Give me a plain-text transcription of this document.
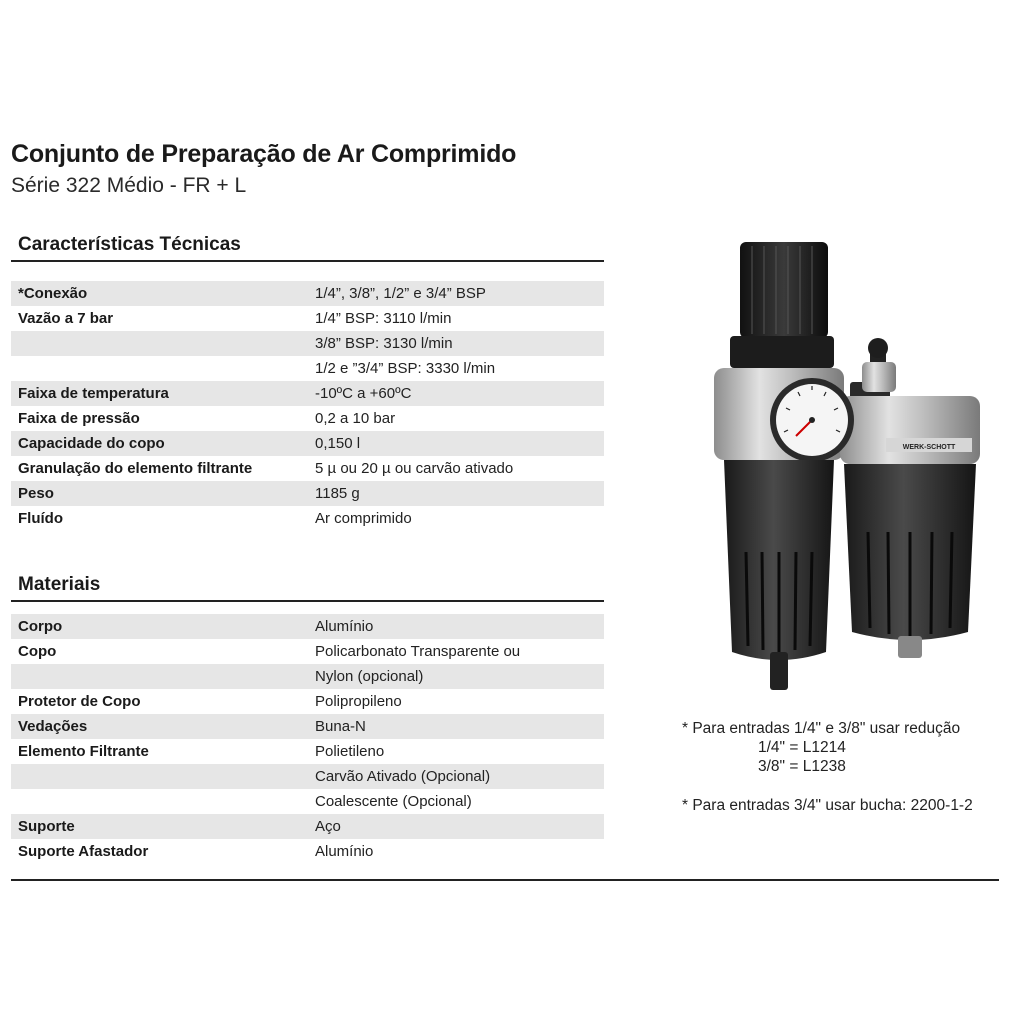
Conjunto de Preparação de Ar Comprimido
Série 322 Médio - FR + L
Características Técnicas
*Conexão	1/4”, 3/8”, 1/2” e 3/4” BSP
Vazão a 7 bar	1/4” BSP: 3110 l/min
3/8” BSP: 3130 l/min
1/2 e ”3/4” BSP: 3330 l/min
Faixa de temperatura	-10ºC a +60ºC
Faixa de pressão	0,2 a 10 bar
Capacidade do copo	0,150 l
Granulação do elemento filtrante	5 µ ou 20 µ ou carvão ativado
Peso	1185 g
Fluído	Ar comprimido
Materiais
Corpo	Alumínio
Copo	Policarbonato Transparente ou
Nylon (opcional)
Protetor de Copo	Polipropileno
Vedações	Buna-N
Elemento Filtrante	Polietileno
Carvão Ativado (Opcional)
Coalescente (Opcional)
Suporte	Aço
Suporte Afastador	Alumínio
WERK-SCHOTT
* Para entradas 1/4" e 3/8" usar redução
1/4" = L1214
3/8" = L1238
* Para entradas 3/4" usar bucha: 2200-1-2
